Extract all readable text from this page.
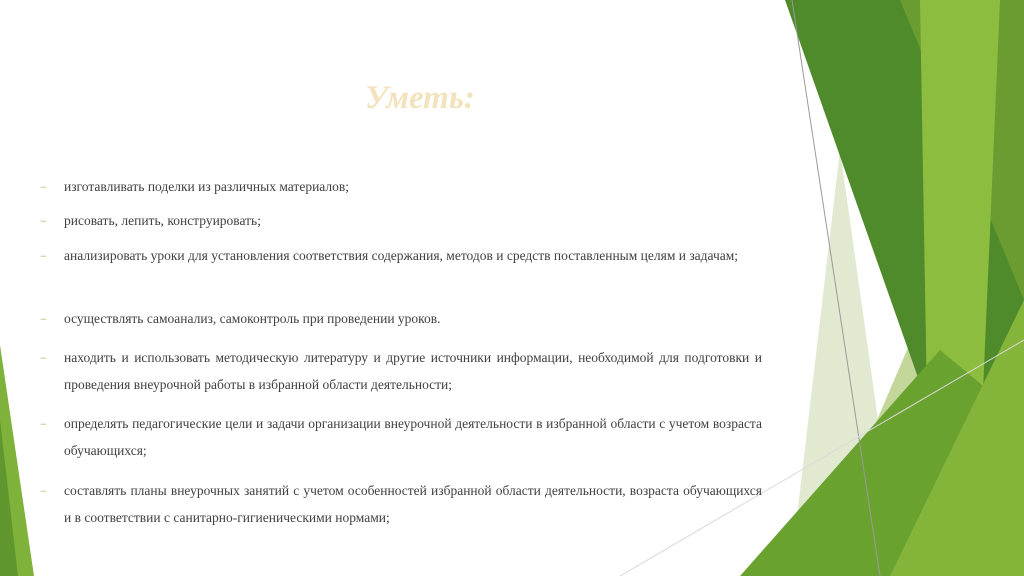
Уметь:
− изготавливать поделки из различных материалов;
− рисовать, лепить, конструировать;
− анализировать уроки для установления соответствия содержания, методов и средств поставленным целям и задачам;
− осуществлять самоанализ, самоконтроль при проведении уроков.
− находить и использовать методическую литературу и другие источники информации, необходимой для подготовки и проведения внеурочной работы в избранной области деятельности;
− определять педагогические цели и задачи организации внеурочной деятельности в избранной области с учетом возраста обучающихся;
− составлять планы внеурочных занятий с учетом особенностей избранной области деятельности, возраста обучающихся и в соответствии с санитарно-гигиеническими нормами;
